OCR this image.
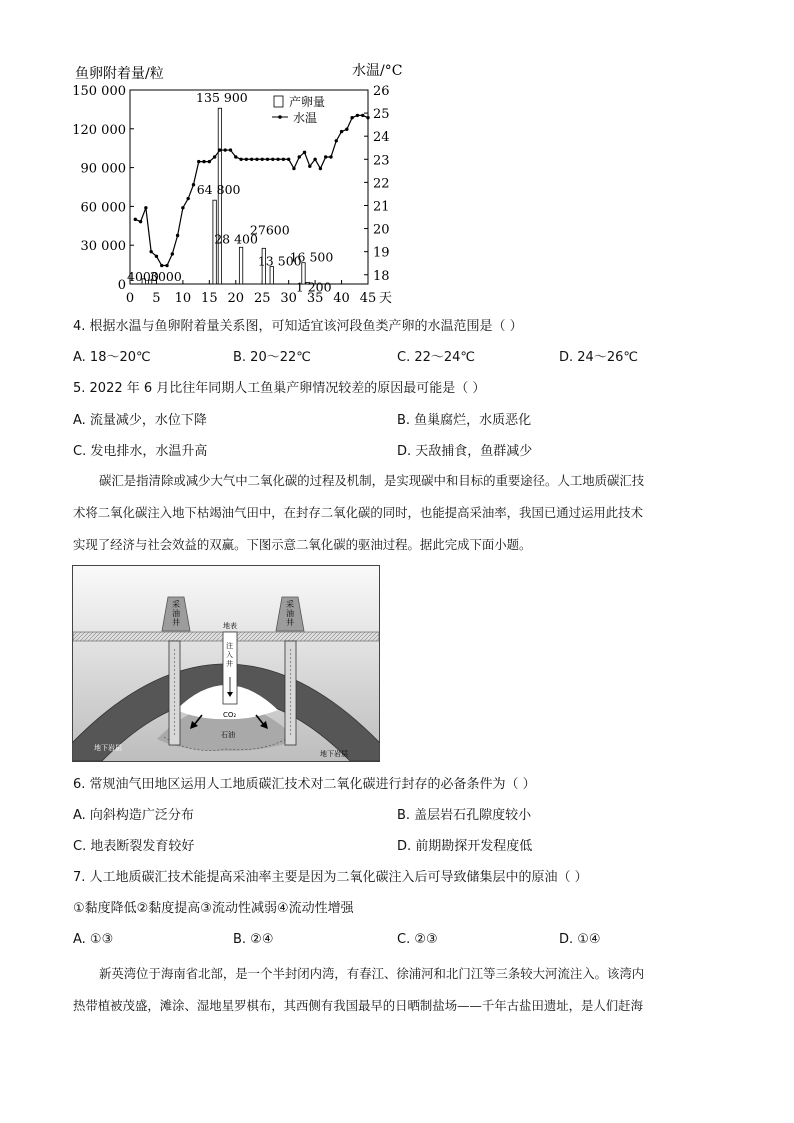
鱼卵附着量/粒	水温/°C
0
30 000
60 000
90 000
120 000
150 000
18
19
20
21
22
23
24
25
26
0 5 10 15 20 25 30 35 40 45
4000
3000
64 800
135 900
28 400
27600
13 500
16 500
1 200
产卵量
水温
天
4. 根据水温与鱼卵附着量关系图，可知适宜该河段鱼类产卵的水温范围是（ ）
A. 18～20℃	B. 20～22℃	C. 22～24℃	D. 24～26℃
5. 2022 年 6 月比往年同期人工鱼巢产卵情况较差的原因最可能是（ ）
A. 流量减少，水位下降	B. 鱼巢腐烂，水质恶化
C. 发电排水，水温升高	D. 天敌捕食，鱼群减少
碳汇是指清除或减少大气中二氧化碳的过程及机制，是实现碳中和目标的重要途径。人工地质碳汇技
术将二氧化碳注入地下枯竭油气田中，在封存二氧化碳的同时，也能提高采油率，我国已通过运用此技术
实现了经济与社会效益的双赢。下图示意二氧化碳的驱油过程。据此完成下面小题。
采油井
采油井
地表
注入井
CO₂
石油
地下岩层
地下岩层
6. 常规油气田地区运用人工地质碳汇技术对二氧化碳进行封存的必备条件为（ ）
A. 向斜构造广泛分布	B. 盖层岩石孔隙度较小
C. 地表断裂发育较好	D. 前期勘探开发程度低
7. 人工地质碳汇技术能提高采油率主要是因为二氧化碳注入后可导致储集层中的原油（ ）
①黏度降低②黏度提高③流动性减弱④流动性增强
A. ①③	B. ②④	C. ②③	D. ①④
新英湾位于海南省北部，是一个半封闭内湾，有春江、徐浦河和北门江等三条较大河流注入。该湾内
热带植被茂盛，滩涂、湿地星罗棋布，其西侧有我国最早的日晒制盐场——千年古盐田遗址，是人们赶海
